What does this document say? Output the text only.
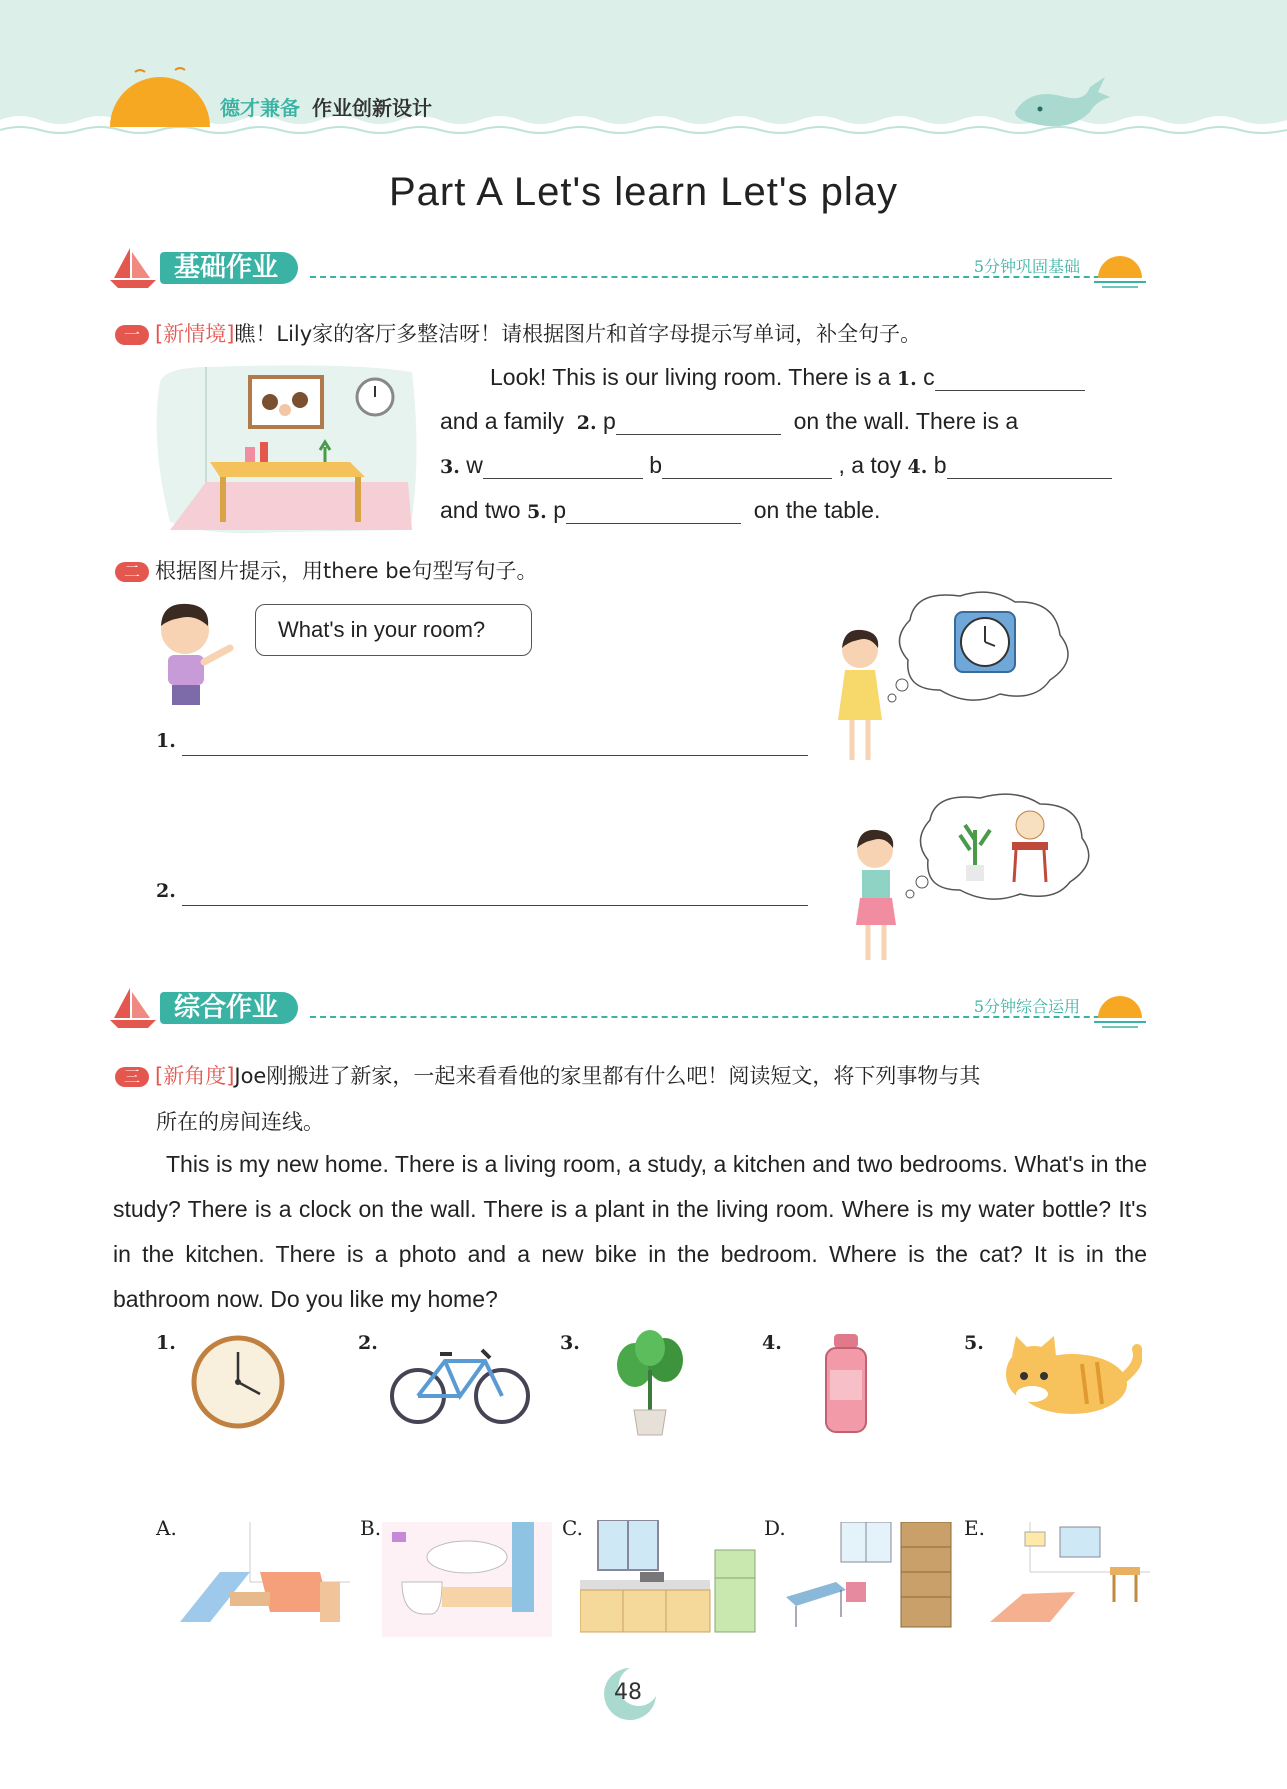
德才兼备 作业创新设计
Part A Let's learn Let's play
基础作业	5分钟巩固基础
一 [新情境]瞧！Lily家的客厅多整洁呀！请根据图片和首字母提示写单词，补全句子。
Look! This is our living room. There is a 1. c
and a family 2. p	on the wall. There is a
3. w	b	, a toy 4. b
and two 5. p	on the table.
二 根据图片提示，用there be句型写句子。
What's in your room?
1.
2.
综合作业	5分钟综合运用
三 [新角度]Joe刚搬进了新家，一起来看看他的家里都有什么吧！阅读短文，将下列事物与其
所在的房间连线。
This is my new home. There is a living room, a study, a kitchen and two bedrooms. What's in the study? There is a clock on the wall. There is a plant in the living room. Where is my water bottle? It's in the kitchen. There is a photo and a new bike in the bedroom. Where is the cat? It is in the bathroom now. Do you like my home?
1.	2.	3.	4.	5.
A.	B.	C.	D.	E.
48
